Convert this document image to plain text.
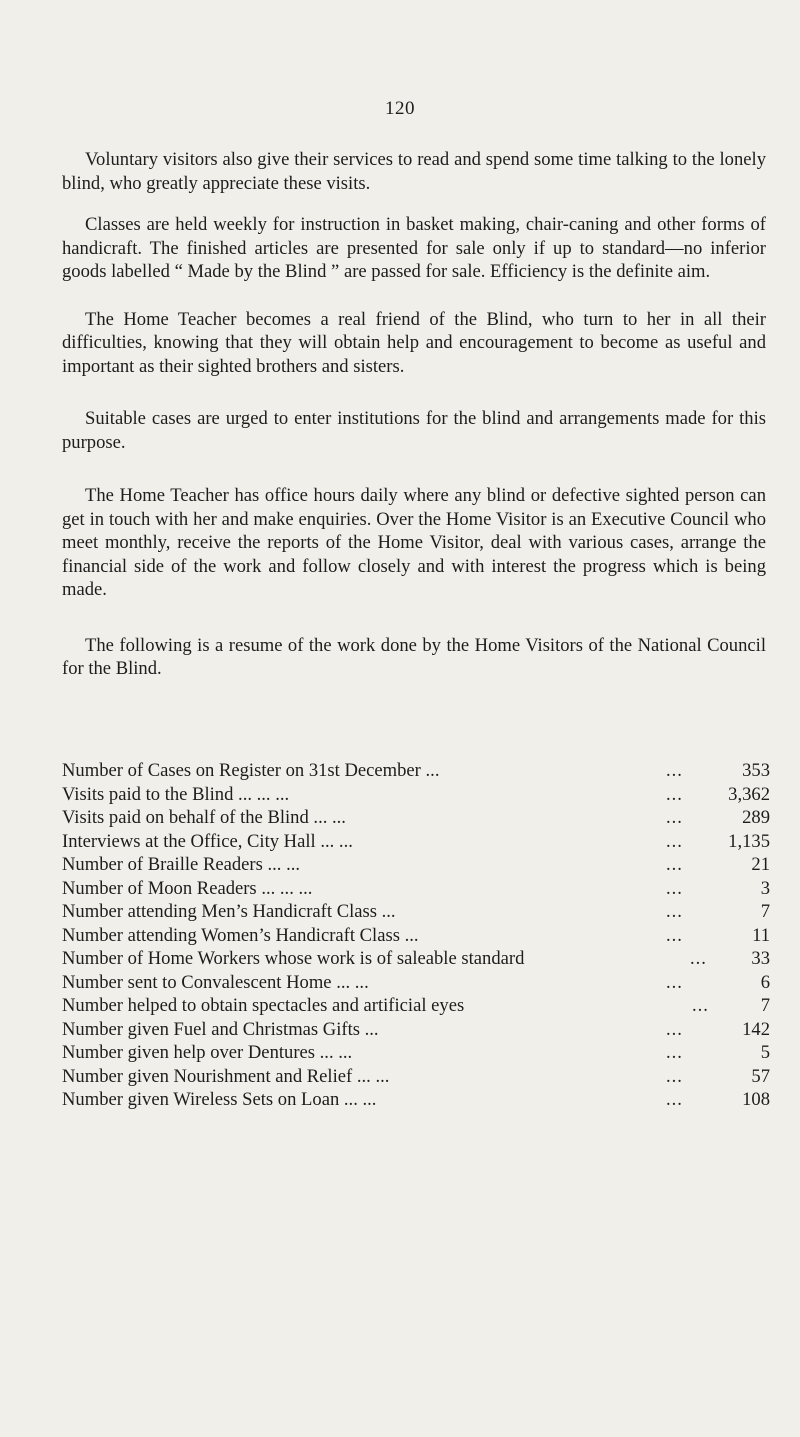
120

Voluntary visitors also give their services to read and spend some time talking to the lonely blind, who greatly appreciate these visits.

Classes are held weekly for instruction in basket making, chair-caning and other forms of handicraft. The finished articles are presented for sale only if up to standard—no inferior goods labelled “ Made by the Blind ” are passed for sale. Efficiency is the definite aim.

The Home Teacher becomes a real friend of the Blind, who turn to her in all their difficulties, knowing that they will obtain help and encouragement to become as useful and important as their sighted brothers and sisters.

Suitable cases are urged to enter institutions for the blind and arrangements made for this purpose.

The Home Teacher has office hours daily where any blind or defective sighted person can get in touch with her and make enquiries. Over the Home Visitor is an Executive Council who meet monthly, receive the reports of the Home Visitor, deal with various cases, arrange the financial side of the work and follow closely and with interest the progress which is being made.

The following is a resume of the work done by the Home Visitors of the National Council for the Blind.

Number of Cases on Register on 31st December ...	...	353
Visits paid to the Blind ... ... ...	... 3,362
Visits paid on behalf of the Blind ... ...	...	289
Interviews at the Office, City Hall ... ...	... 1,135
Number of Braille Readers ... ...	...	21
Number of Moon Readers ... ... ...	...	3
Number attending Men’s Handicraft Class ...	...	7
Number attending Women’s Handicraft Class ...	...	11
Number of Home Workers whose work is of saleable standard	... 33
Number sent to Convalescent Home ... ...	...	6
Number helped to obtain spectacles and artificial eyes	...	7
Number given Fuel and Christmas Gifts ...	...	142
Number given help over Dentures ... ...	...	5
Number given Nourishment and Relief ... ...	...	57
Number given Wireless Sets on Loan ... ...	...	108
